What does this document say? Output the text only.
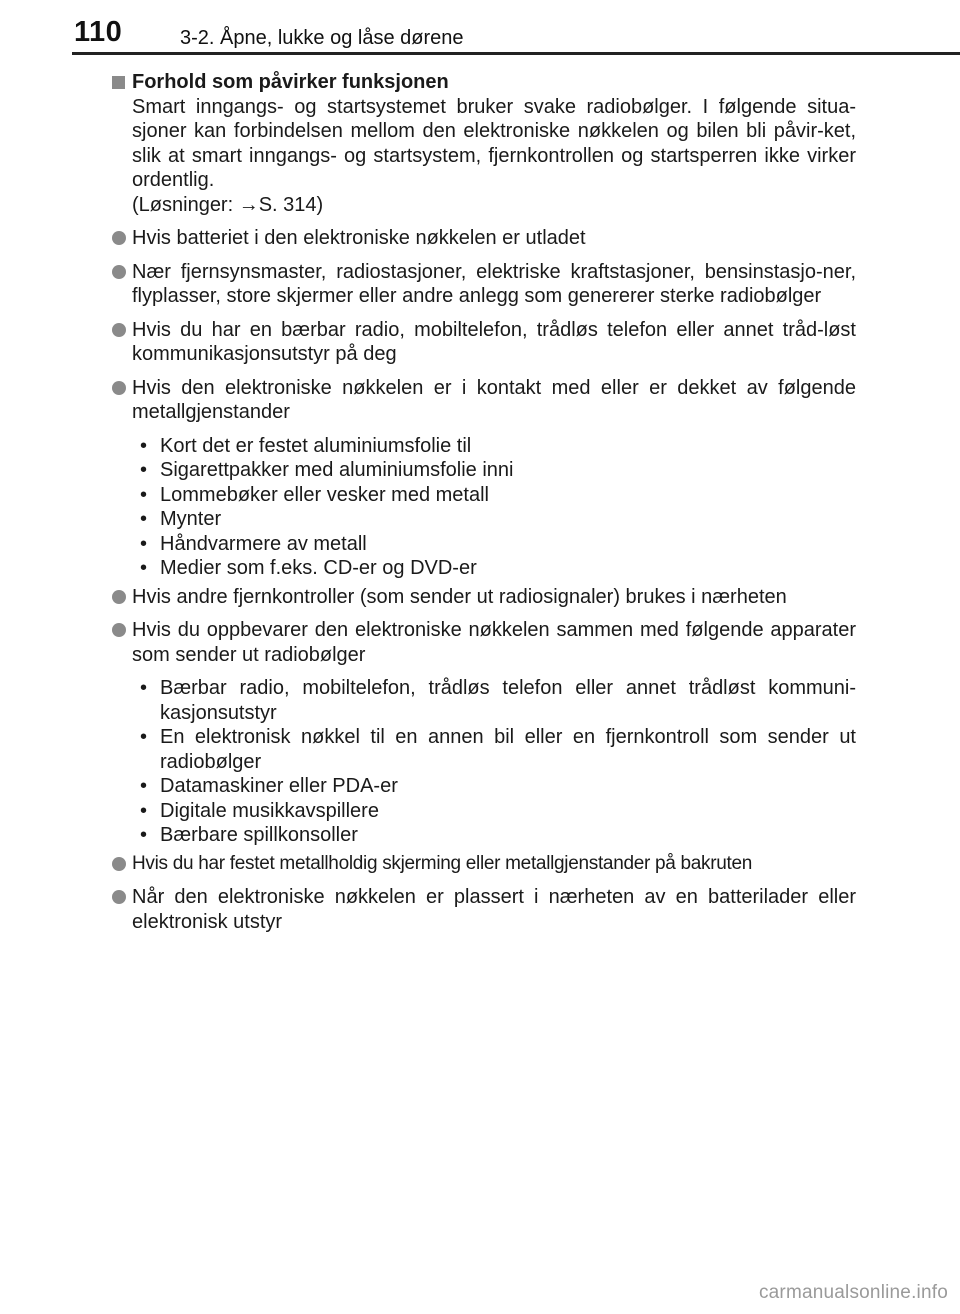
110	3-2. Åpne, lukke og låse dørene
Forhold som påvirker funksjonen
Smart inngangs- og startsystemet bruker svake radiobølger. I følgende situa-sjoner kan forbindelsen mellom den elektroniske nøkkelen og bilen bli påvir-ket, slik at smart inngangs- og startsystem, fjernkontrollen og startsperren ikke virker ordentlig.
(Løsninger: →S. 314)
Hvis batteriet i den elektroniske nøkkelen er utladet
Nær fjernsynsmaster, radiostasjoner, elektriske kraftstasjoner, bensinstasjo-ner, flyplasser, store skjermer eller andre anlegg som genererer sterke radiobølger
Hvis du har en bærbar radio, mobiltelefon, trådløs telefon eller annet tråd-løst kommunikasjonsutstyr på deg
Hvis den elektroniske nøkkelen er i kontakt med eller er dekket av følgende metallgjenstander
• Kort det er festet aluminiumsfolie til
• Sigarettpakker med aluminiumsfolie inni
• Lommebøker eller vesker med metall
• Mynter
• Håndvarmere av metall
• Medier som f.eks. CD-er og DVD-er
Hvis andre fjernkontroller (som sender ut radiosignaler) brukes i nærheten
Hvis du oppbevarer den elektroniske nøkkelen sammen med følgende apparater som sender ut radiobølger
• Bærbar radio, mobiltelefon, trådløs telefon eller annet trådløst kommuni-kasjonsutstyr
• En elektronisk nøkkel til en annen bil eller en fjernkontroll som sender ut radiobølger
• Datamaskiner eller PDA-er
• Digitale musikkavspillere
• Bærbare spillkonsoller
Hvis du har festet metallholdig skjerming eller metallgjenstander på bakruten
Når den elektroniske nøkkelen er plassert i nærheten av en batterilader eller elektronisk utstyr
carmanualsonline.info
